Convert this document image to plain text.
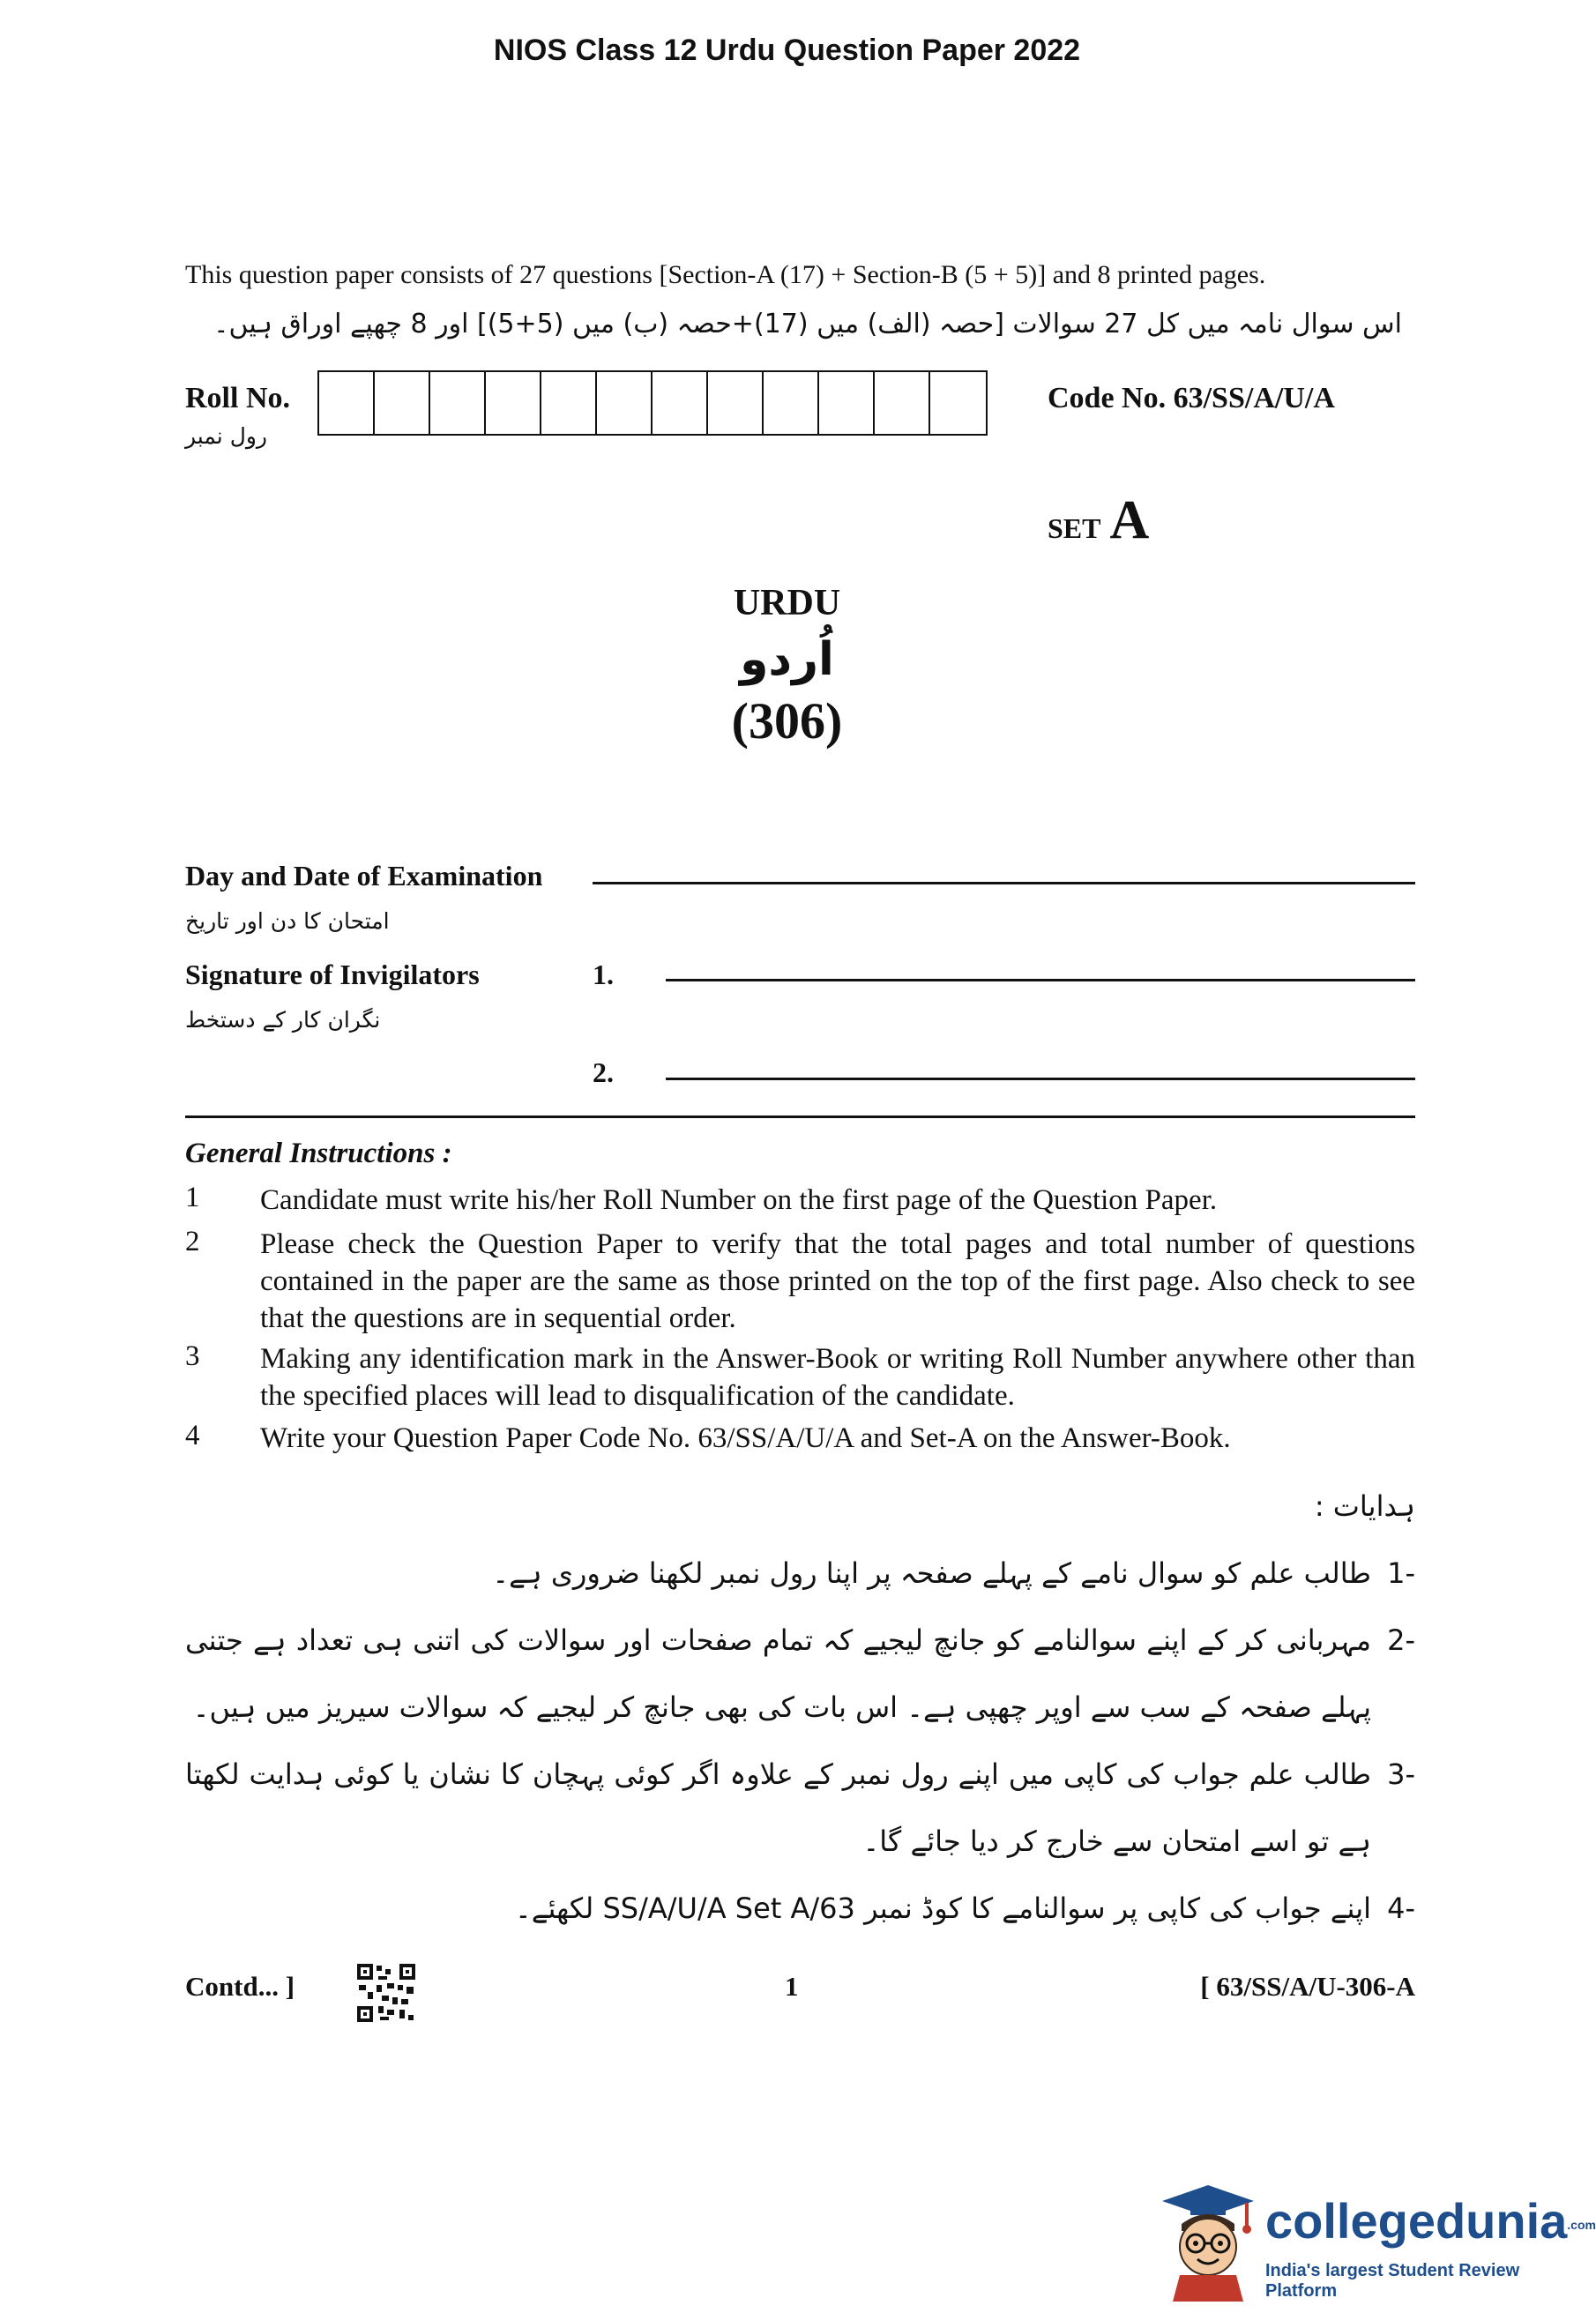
NIOS Class 12 Urdu Question Paper 2022
This question paper consists of 27 questions [Section-A (17) + Section-B (5 + 5)] and 8 printed pages.
اس سوال نامہ میں کل 27 سوالات [حصہ (الف) میں (17)+حصہ (ب) میں (5+5)] اور 8 چھپے اوراق ہیں۔
Roll No.
رول نمبر
Code No. 63/SS/A/U/A
SET A
URDU
اُردو
(306)
Day and Date of Examination
امتحان کا دن اور تاریخ
Signature of Invigilators	1.
نگران کار کے دستخط
2.
General Instructions :
1	Candidate must write his/her Roll Number on the first page of the Question Paper.
2	Please check the Question Paper to verify that the total pages and total number of questions contained in the paper are the same as those printed on the top of the first page. Also check to see that the questions are in sequential order.
3	Making any identification mark in the Answer-Book or writing Roll Number anywhere other than the specified places will lead to disqualification of the candidate.
4	Write your Question Paper Code No. 63/SS/A/U/A and Set-A on the Answer-Book.
ہدایات :
-1
طالب علم کو سوال نامے کے پہلے صفحہ پر اپنا رول نمبر لکھنا ضروری ہے۔
-2
مہربانی کر کے اپنے سوالنامے کو جانچ لیجیے کہ تمام صفحات اور سوالات کی اتنی ہی تعداد ہے جتنی پہلے صفحہ کے سب سے اوپر چھپی ہے۔ اس بات کی بھی جانچ کر لیجیے کہ سوالات سیریز میں ہیں۔
-3
طالب علم جواب کی کاپی میں اپنے رول نمبر کے علاوہ اگر کوئی پہچان کا نشان یا کوئی ہدایت لکھتا ہے تو اسے امتحان سے خارج کر دیا جائے گا۔
-4
اپنے جواب کی کاپی پر سوالنامے کا کوڈ نمبر 63/SS/A/U/A Set A لکھئے۔
Contd... ]	1	[ 63/SS/A/U-306-A
collegedunia.com
India's largest Student Review Platform
